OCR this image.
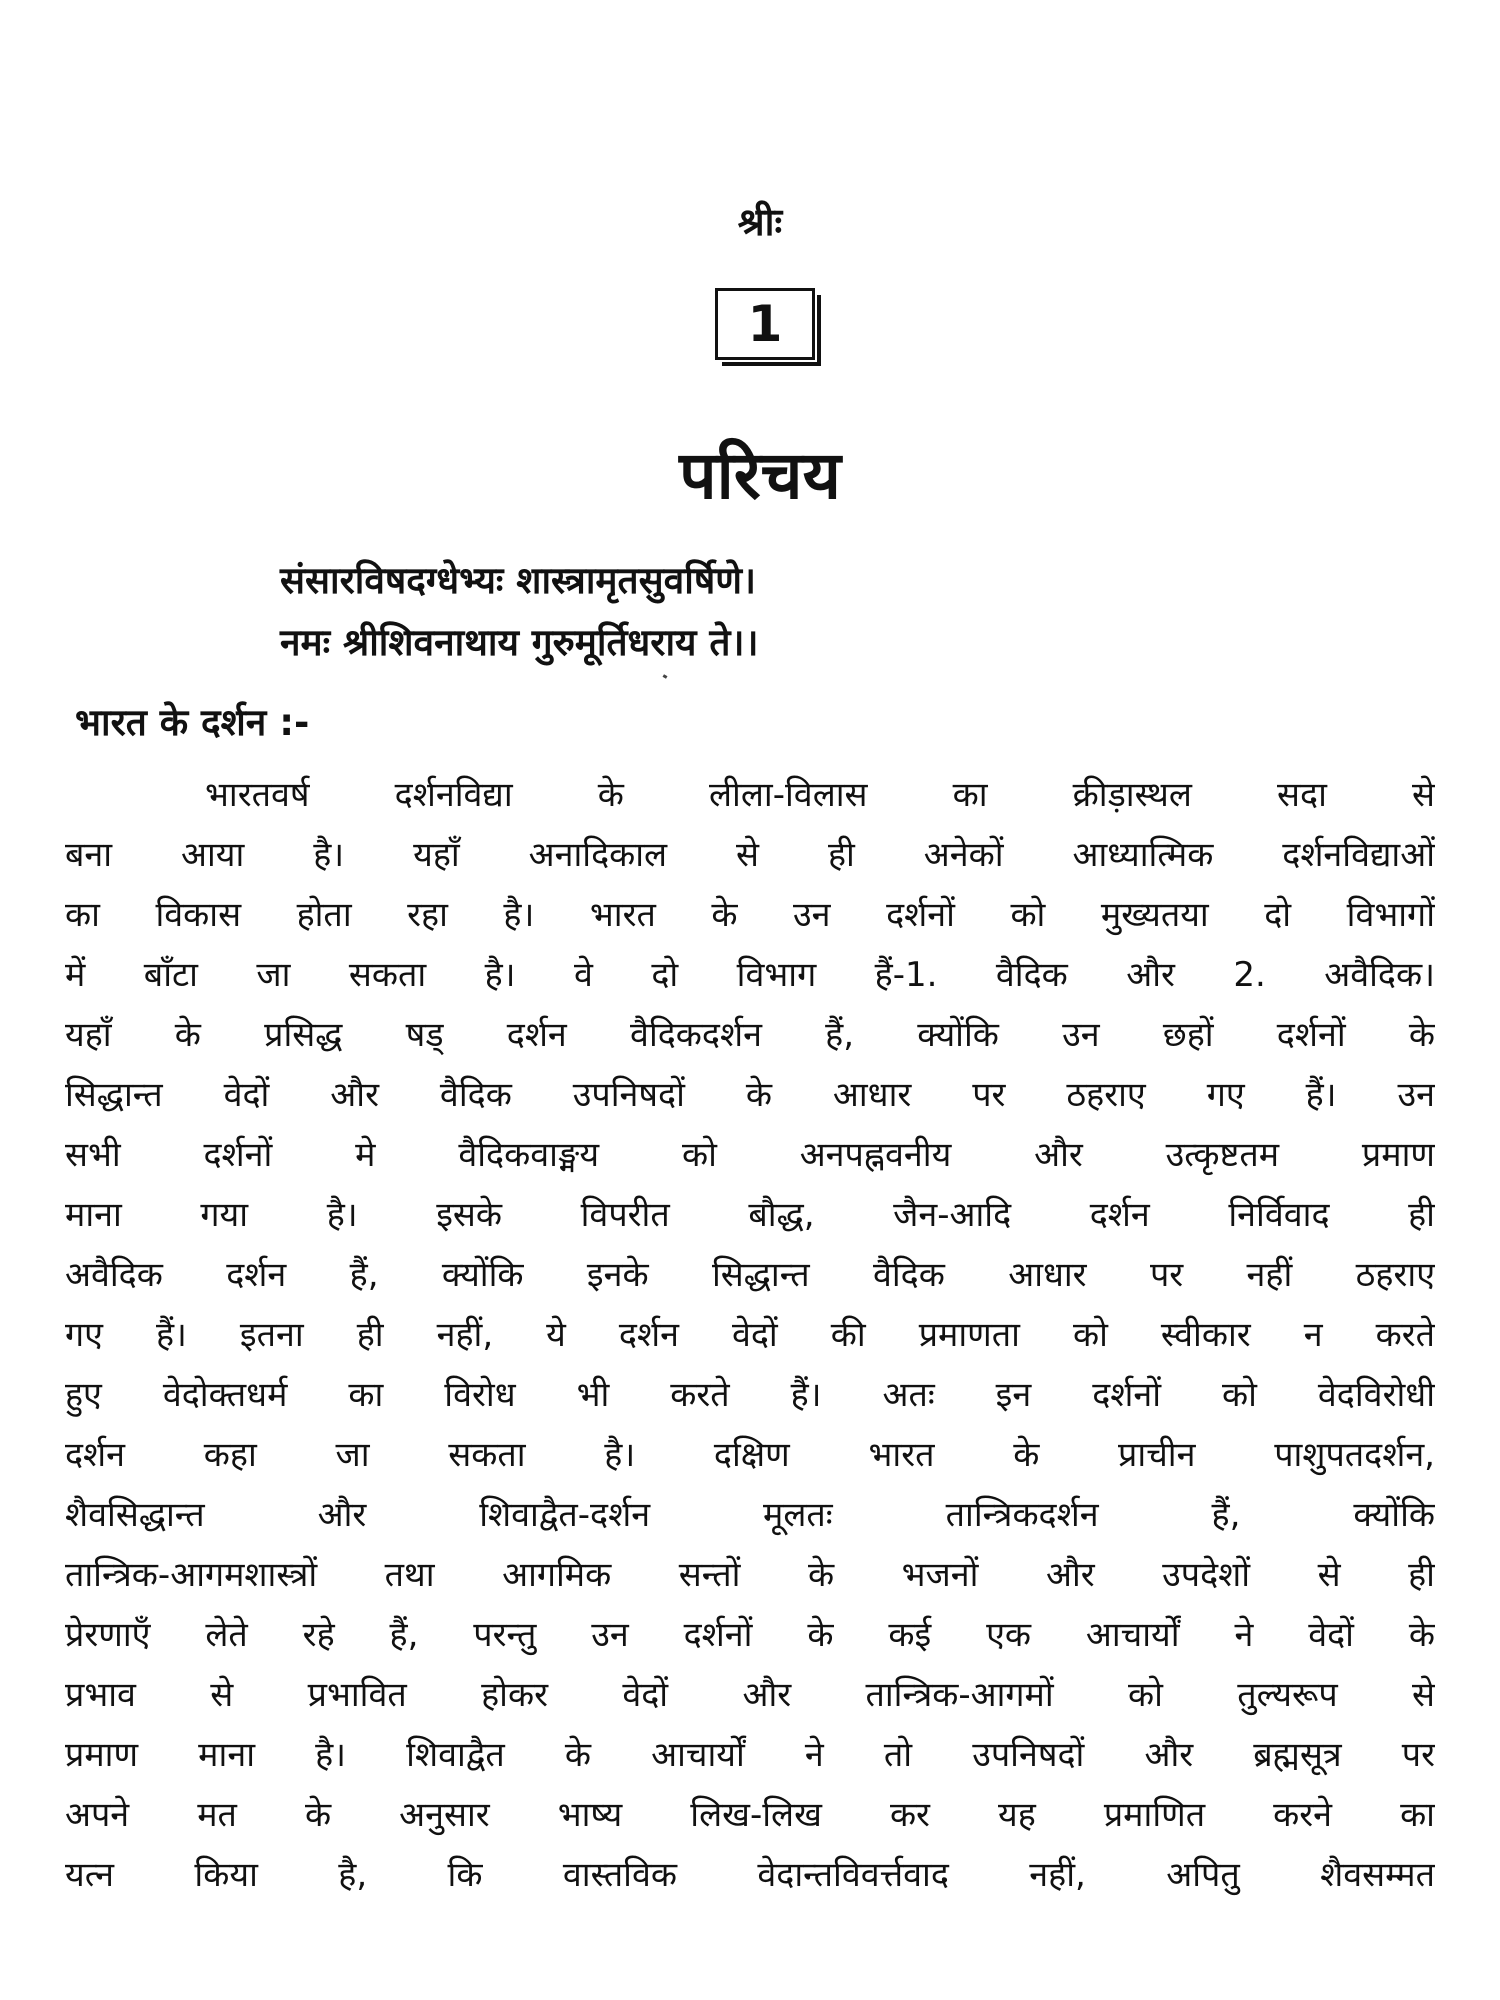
श्रीः
1
परिचय
संसारविषदग्धेभ्यः शास्त्रामृतसुवर्षिणे।
नमः श्रीशिवनाथाय गुरुमूर्तिधराय ते।।
भारत के दर्शन :-
भारतवर्ष दर्शनविद्या के लीला-विलास का क्रीड़ास्थल सदा से
बना आया है। यहाँ अनादिकाल से ही अनेकों आध्यात्मिक दर्शनविद्याओं
का विकास होता रहा है। भारत के उन दर्शनों को मुख्यतया दो विभागों
में बाँटा जा सकता है। वे दो विभाग हैं-1. वैदिक और 2. अवैदिक।
यहाँ के प्रसिद्ध षड् दर्शन वैदिकदर्शन हैं, क्योंकि उन छहों दर्शनों के
सिद्धान्त वेदों और वैदिक उपनिषदों के आधार पर ठहराए गए हैं। उन
सभी दर्शनों मे वैदिकवाङ्मय को अनपह्नवनीय और उत्कृष्टतम प्रमाण
माना गया है। इसके विपरीत बौद्ध, जैन-आदि दर्शन निर्विवाद ही
अवैदिक दर्शन हैं, क्योंकि इनके सिद्धान्त वैदिक आधार पर नहीं ठहराए
गए हैं। इतना ही नहीं, ये दर्शन वेदों की प्रमाणता को स्वीकार न करते
हुए वेदोक्तधर्म का विरोध भी करते हैं। अतः इन दर्शनों को वेदविरोधी
दर्शन कहा जा सकता है। दक्षिण भारत के प्राचीन पाशुपतदर्शन,
शैवसिद्धान्त और शिवाद्वैत-दर्शन मूलतः तान्त्रिकदर्शन हैं, क्योंकि
तान्त्रिक-आगमशास्त्रों तथा आगमिक सन्तों के भजनों और उपदेशों से ही
प्रेरणाएँ लेते रहे हैं, परन्तु उन दर्शनों के कई एक आचार्यों ने वेदों के
प्रभाव से प्रभावित होकर वेदों और तान्त्रिक-आगमों को तुल्यरूप से
प्रमाण माना है। शिवाद्वैत के आचार्यों ने तो उपनिषदों और ब्रह्मसूत्र पर
अपने मत के अनुसार भाष्य लिख-लिख कर यह प्रमाणित करने का
यत्न किया है, कि वास्तविक वेदान्तविवर्त्तवाद नहीं, अपितु शैवसम्मत
